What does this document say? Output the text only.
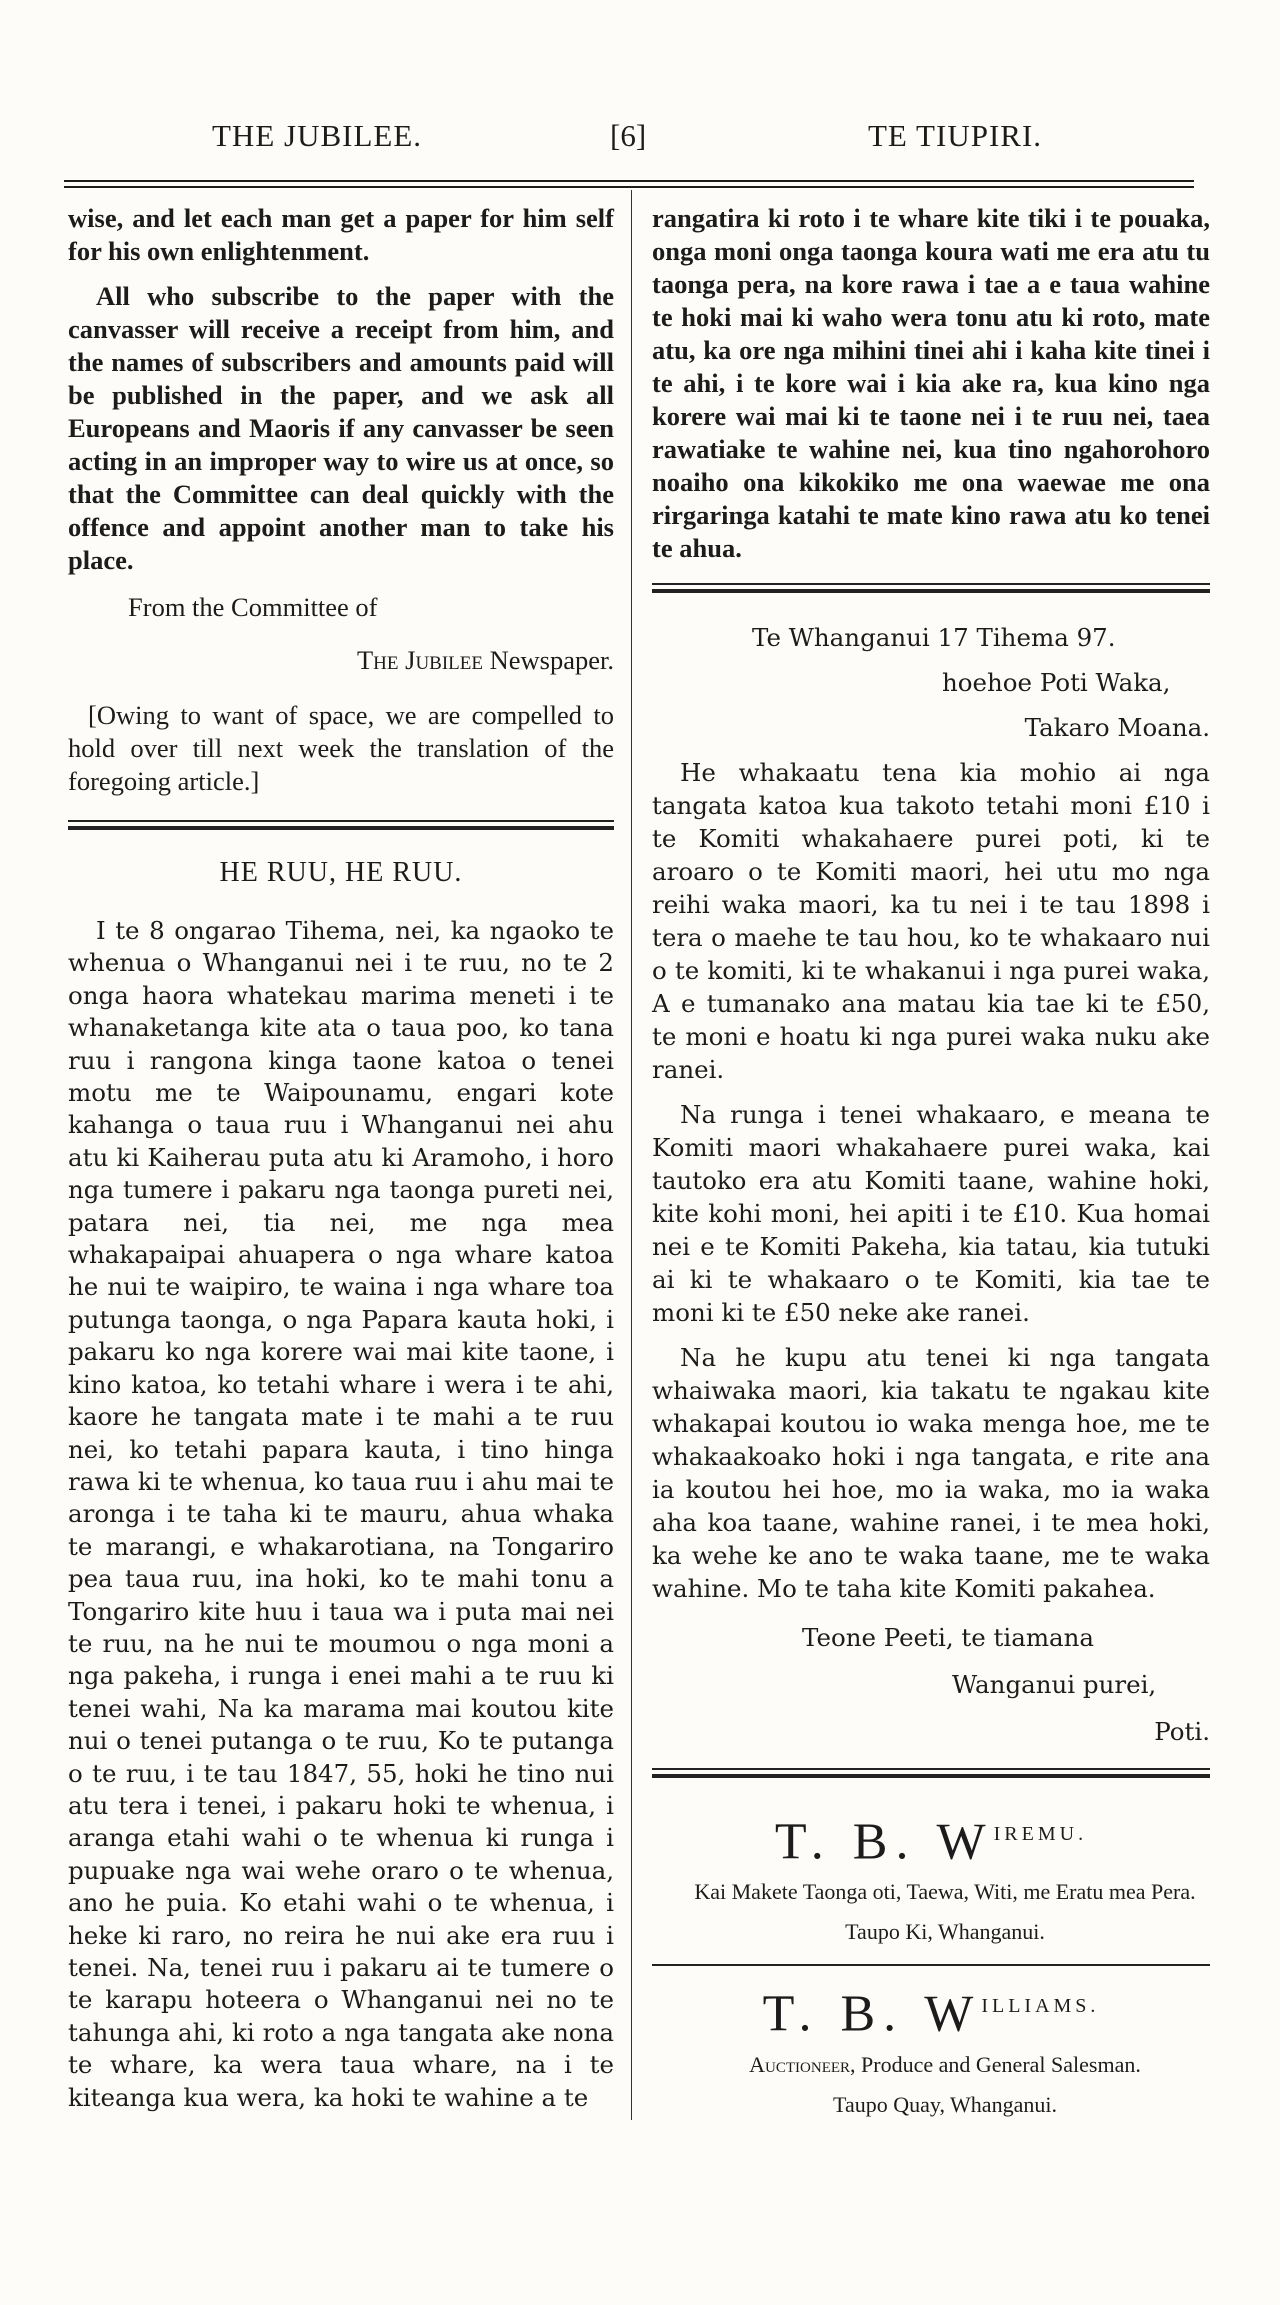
THE JUBILEE.	[6]	TE TIUPIRI.

wise, and let each man get a paper for him self for his own enlightenment.

All who subscribe to the paper with the canvasser will receive a receipt from him, and the names of subscribers and amounts paid will be published in the paper, and we ask all Europeans and Maoris if any canvasser be seen acting in an improper way to wire us at once, so that the Committee can deal quickly with the offence and appoint another man to take his place.

From the Committee of

The Jubilee Newspaper.

[Owing to want of space, we are compelled to hold over till next week the translation of the foregoing article.]

HE RUU, HE RUU.

I te 8 ongarao Tihema, nei, ka ngaoko te whenua o Whanganui nei i te ruu, no te 2 onga haora whatekau marima meneti i te whanaketanga kite ata o taua poo, ko tana ruu i rangona kinga taone katoa o tenei motu me te Waipounamu, engari kote kahanga o taua ruu i Whanganui nei ahu atu ki Kaiherau puta atu ki Aramoho, i horo nga tumere i pakaru nga taonga pureti nei, patara nei, tia nei, me nga mea whakapaipai ahuapera o nga whare katoa he nui te waipiro, te waina i nga whare toa putunga taonga, o nga Papara kauta hoki, i pakaru ko nga korere wai mai kite taone, i kino katoa, ko tetahi whare i wera i te ahi, kaore he tangata mate i te mahi a te ruu nei, ko tetahi papara kauta, i tino hinga rawa ki te whenua, ko taua ruu i ahu mai te aronga i te taha ki te mauru, ahua whaka te marangi, e whakarotiana, na Tongariro pea taua ruu, ina hoki, ko te mahi tonu a Tongariro kite huu i taua wa i puta mai nei te ruu, na he nui te moumou o nga moni a nga pakeha, i runga i enei mahi a te ruu ki tenei wahi, Na ka marama mai koutou kite nui o tenei putanga o te ruu, Ko te putanga o te ruu, i te tau 1847, 55, hoki he tino nui atu tera i tenei, i pakaru hoki te whenua, i aranga etahi wahi o te whenua ki runga i pupuake nga wai wehe oraro o te whenua, ano he puia. Ko etahi wahi o te whenua, i heke ki raro, no reira he nui ake era ruu i tenei. Na, tenei ruu i pakaru ai te tumere o te karapu hoteera o Whanganui nei no te tahunga ahi, ki roto a nga tangata ake nona te whare, ka wera taua whare, na i te kiteanga kua wera, ka hoki te wahine a te

rangatira ki roto i te whare kite tiki i te pouaka, onga moni onga taonga koura wati me era atu tu taonga pera, na kore rawa i tae a e taua wahine te hoki mai ki waho wera tonu atu ki roto, mate atu, ka ore nga mihini tinei ahi i kaha kite tinei i te ahi, i te kore wai i kia ake ra, kua kino nga korere wai mai ki te taone nei i te ruu nei, taea rawatiake te wahine nei, kua tino ngahorohoro noaiho ona kikokiko me ona waewae me ona rirgaringa katahi te mate kino rawa atu ko tenei te ahua.

Te Whanganui 17 Tihema 97.

hoehoe Poti Waka,

Takaro Moana.

He whakaatu tena kia mohio ai nga tangata katoa kua takoto tetahi moni £10 i te Komiti whakahaere purei poti, ki te aroaro o te Komiti maori, hei utu mo nga reihi waka maori, ka tu nei i te tau 1898 i tera o maehe te tau hou, ko te whakaaro nui o te komiti, ki te whakanui i nga purei waka, A e tumanako ana matau kia tae ki te £50, te moni e hoatu ki nga purei waka nuku ake ranei.

Na runga i tenei whakaaro, e meana te Komiti maori whakahaere purei waka, kai tautoko era atu Komiti taane, wahine hoki, kite kohi moni, hei apiti i te £10. Kua homai nei e te Komiti Pakeha, kia tatau, kia tutuki ai ki te whakaaro o te Komiti, kia tae te moni ki te £50 neke ake ranei.

Na he kupu atu tenei ki nga tangata whaiwaka maori, kia takatu te ngakau kite whakapai koutou io waka menga hoe, me te whakaakoako hoki i nga tangata, e rite ana ia koutou hei hoe, mo ia waka, mo ia waka aha koa taane, wahine ranei, i te mea hoki, ka wehe ke ano te waka taane, me te waka wahine. Mo te taha kite Komiti pakahea.

Teone Peeti, te tiamana

Wanganui purei,

Poti.

T. B. $W^{IREMU.}$

Kai Makete Taonga oti, Taewa, Witi, me Eratu mea Pera.

Taupo Ki, Whanganui.

T. B. $W^{ILLIAMS.}$

Auctioneer, Produce and General Salesman.

Taupo Quay, Whanganui.
